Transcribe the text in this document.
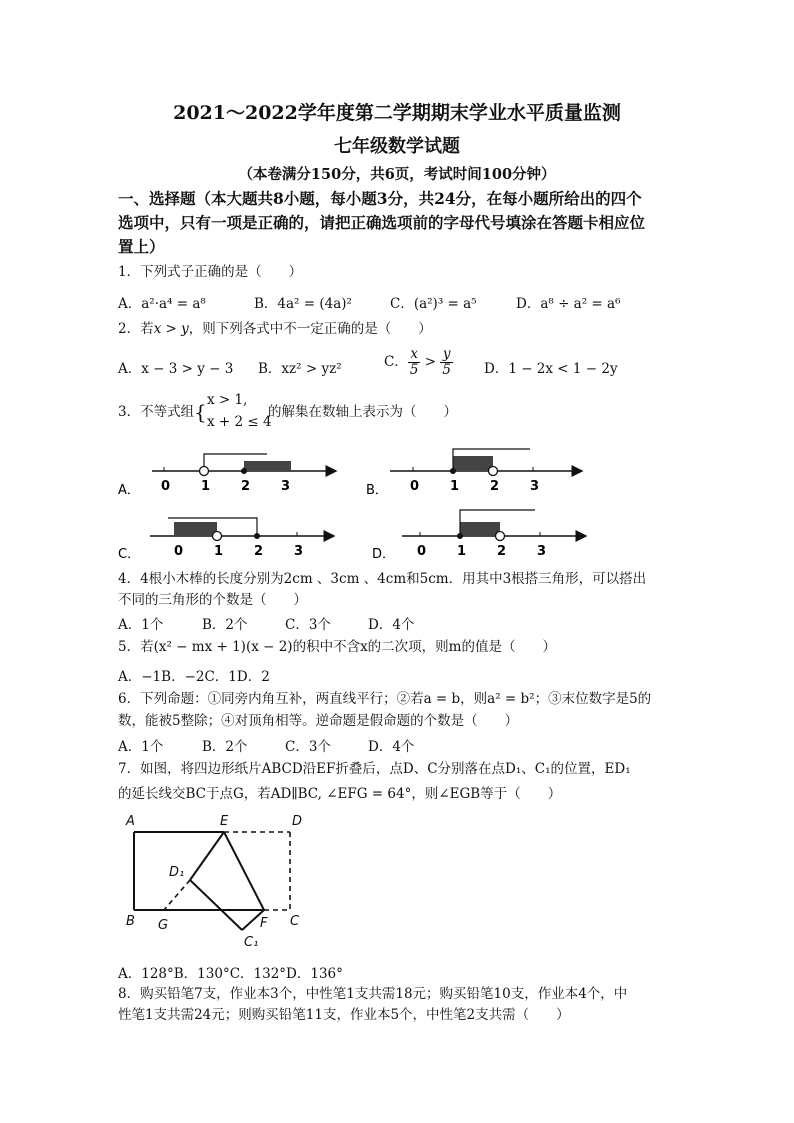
2021～2022学年度第二学期期末学业水平质量监测
七年级数学试题
（本卷满分150分，共6页，考试时间100分钟）
一、选择题（本大题共8小题，每小题3分，共24分，在每小题所给出的四个
选项中，只有一项是正确的，请把正确选项前的字母代号填涂在答题卡相应位
置上）
1．下列式子正确的是（　　）
A．a²·a⁴ = a⁸	B．4a² = (4a)²	C．(a²)³ = a⁵	D．a⁸ ÷ a² = a⁶
2．若x > y，则下列各式中不一定正确的是（　　）
A．x − 3 > y − 3 B．xz² > yz²	C． $\frac{x}{5} > \frac{y}{5}$ D．1 − 2x < 1 − 2y
3．不等式组 { x > 1,
x + 2 ≤ 4
的解集在数轴上表示为（　　）
A． 0 1 2 3	B． 0 1 2 3
C．	0 1 2 3	D． 0 1 2 3
4．4根小木棒的长度分别为2cm 、3cm 、4cm和5cm．用其中3根搭三角形，可以搭出
不同的三角形的个数是（　　）
A．1个	B．2个	C．3个	D．4个
5．若(x² − mx + 1)(x − 2)的积中不含x的二次项，则m的值是（　　）
A．−1B．−2C．1D．2
6．下列命题：①同旁内角互补，两直线平行；②若a = b，则a² = b²；③末位数字是5的
数，能被5整除；④对顶角相等。逆命题是假命题的个数是（　　）
A．1个	B．2个	C．3个	D．4个
7．如图，将四边形纸片ABCD沿EF折叠后，点D、C分别落在点D₁、C₁的位置，ED₁
的延长线交BC于点G，若AD∥BC, ∠EFG = 64°，则∠EGB等于（　　）
A	E	D
D₁
B G	F C
C₁
A．128°B．130°C．132°D．136°
8．购买铅笔7支，作业本3个，中性笔1支共需18元；购买铅笔10支，作业本4个，中
性笔1支共需24元；则购买铅笔11支，作业本5个，中性笔2支共需（　　）
